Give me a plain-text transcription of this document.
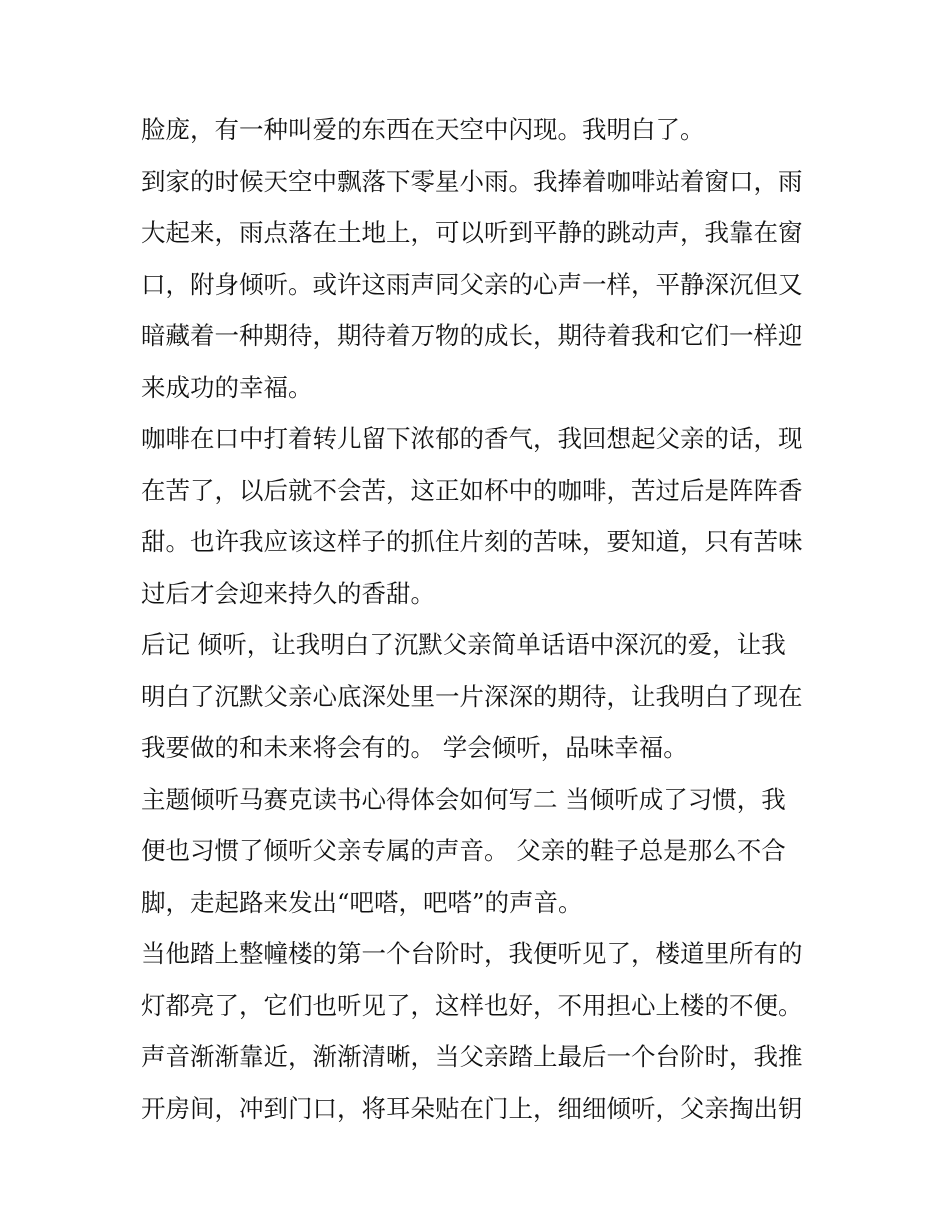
脸庞，有一种叫爱的东西在天空中闪现。我明白了。
到家的时候天空中飘落下零星小雨。我捧着咖啡站着窗口，雨
大起来，雨点落在土地上，可以听到平静的跳动声，我靠在窗
口，附身倾听。或许这雨声同父亲的心声一样，平静深沉但又
暗藏着一种期待，期待着万物的成长，期待着我和它们一样迎
来成功的幸福。
咖啡在口中打着转儿留下浓郁的香气，我回想起父亲的话，现
在苦了，以后就不会苦，这正如杯中的咖啡，苦过后是阵阵香
甜。也许我应该这样子的抓住片刻的苦味，要知道，只有苦味
过后才会迎来持久的香甜。
后记 倾听，让我明白了沉默父亲简单话语中深沉的爱，让我
明白了沉默父亲心底深处里一片深深的期待，让我明白了现在
我要做的和未来将会有的。 学会倾听，品味幸福。
主题倾听马赛克读书心得体会如何写二 当倾听成了习惯，我
便也习惯了倾听父亲专属的声音。 父亲的鞋子总是那么不合
脚，走起路来发出“吧嗒，吧嗒”的声音。
当他踏上整幢楼的第一个台阶时，我便听见了，楼道里所有的
灯都亮了，它们也听见了，这样也好，不用担心上楼的不便。
声音渐渐靠近，渐渐清晰，当父亲踏上最后一个台阶时，我推
开房间，冲到门口，将耳朵贴在门上，细细倾听，父亲掏出钥
